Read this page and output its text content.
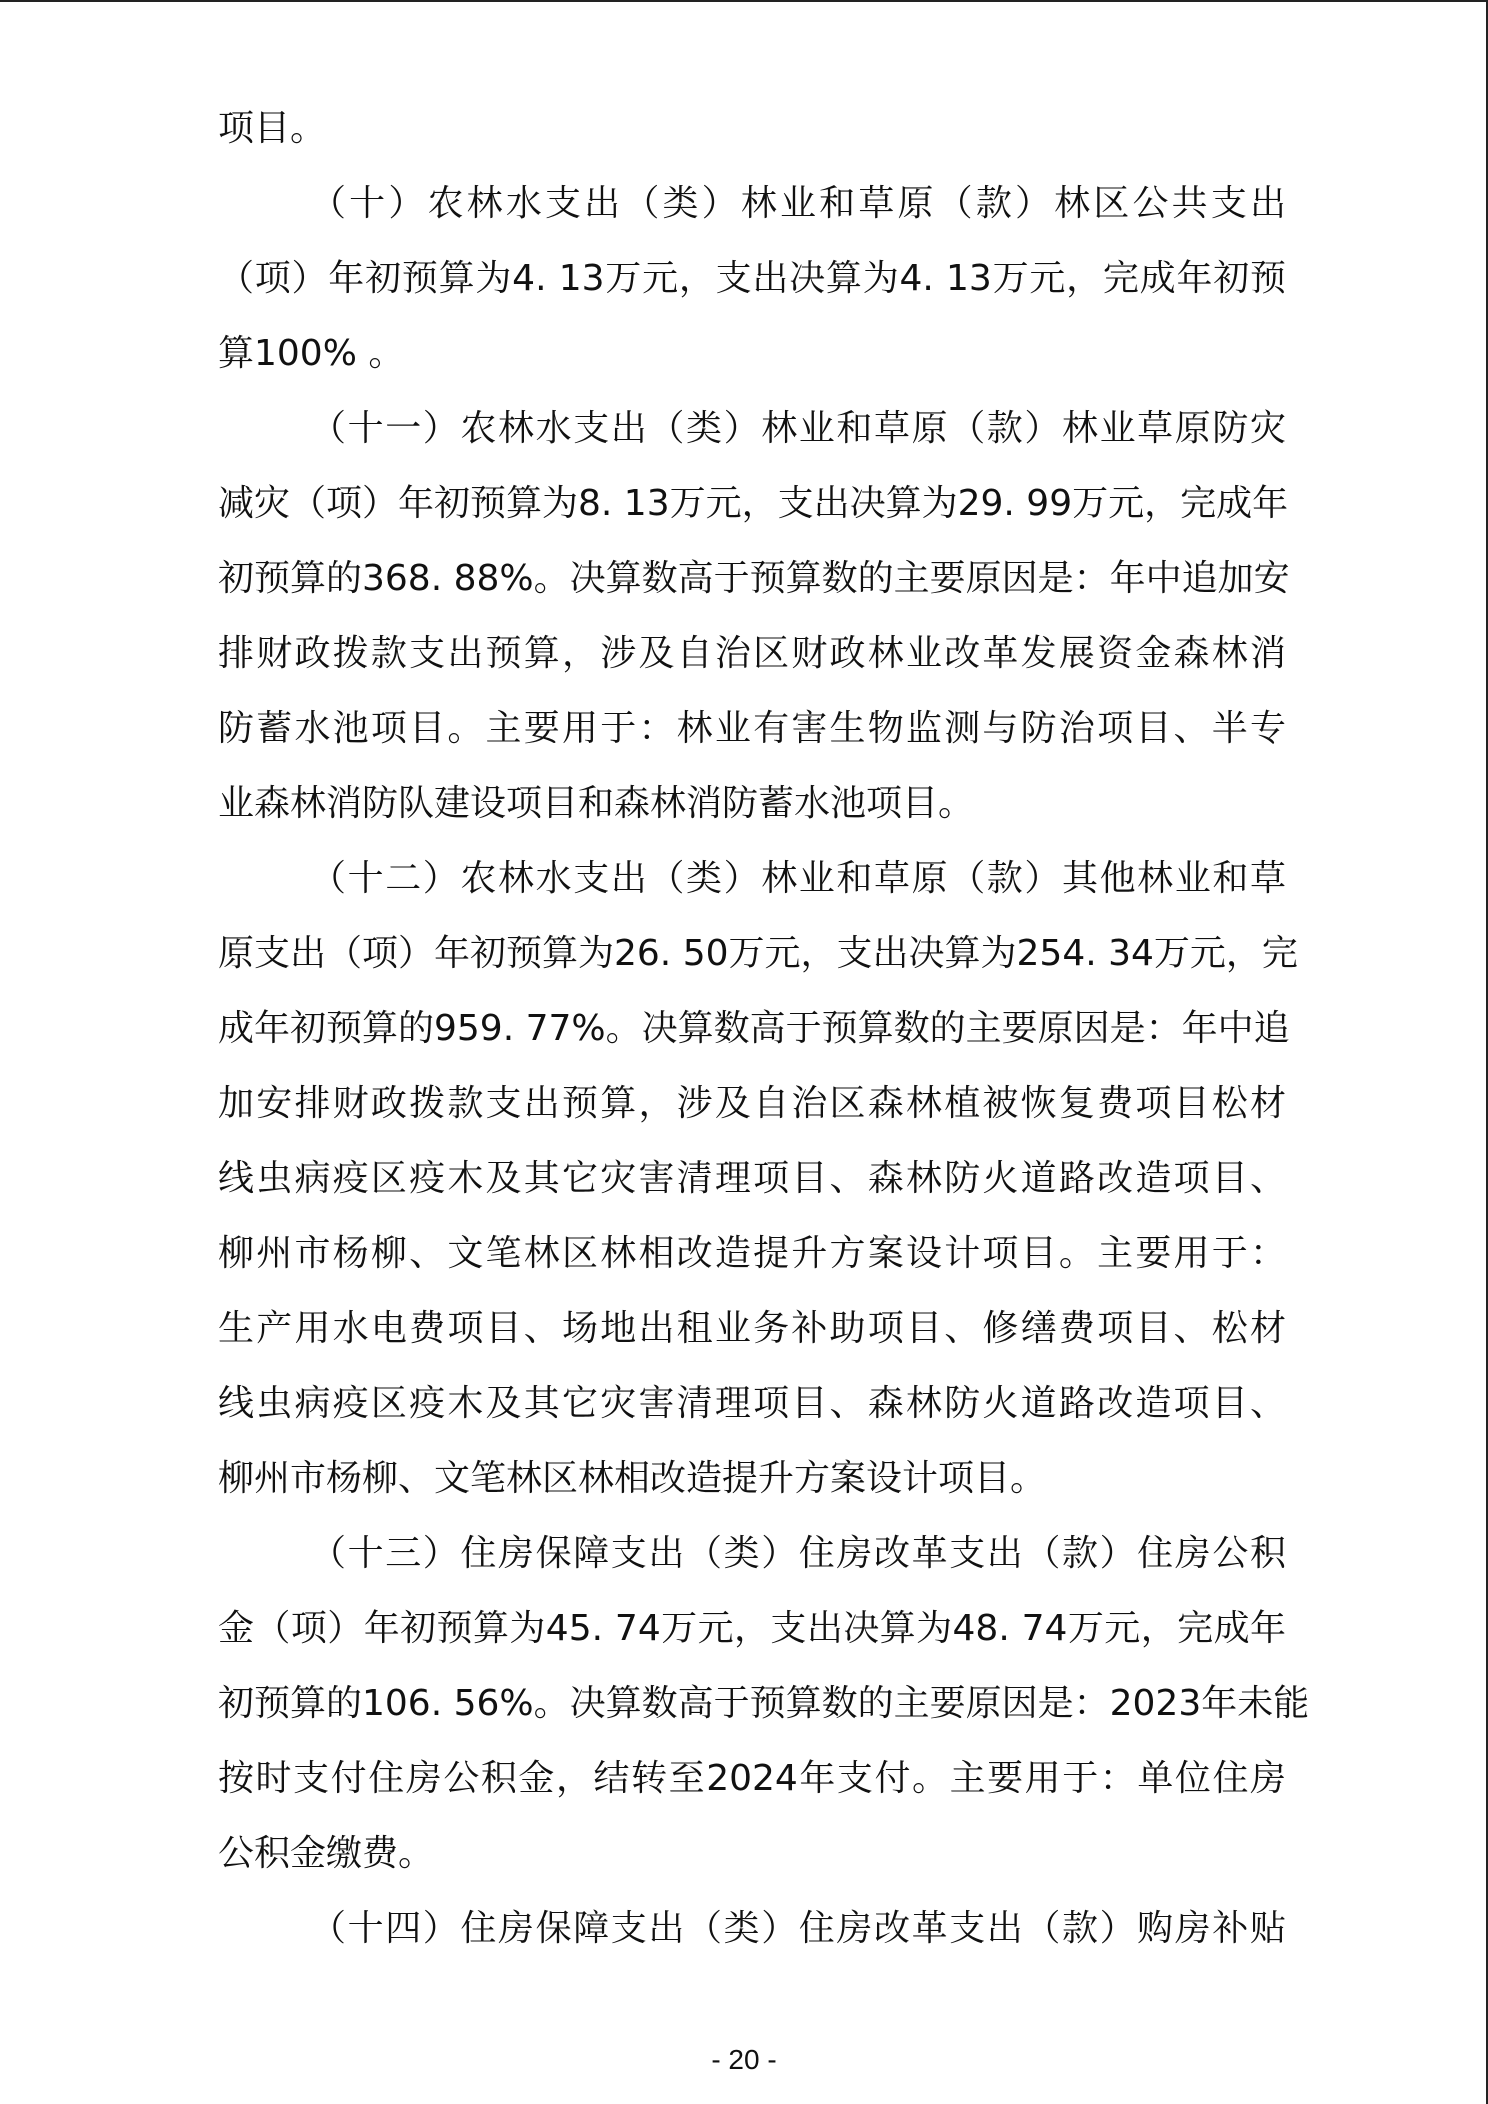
项目。
（十）农林水支出（类）林业和草原（款）林区公共支出
（项）年初预算为4. 13万元，支出决算为4. 13万元，完成年初预
算100% 。
（十一）农林水支出（类）林业和草原（款）林业草原防灾
减灾（项）年初预算为8. 13万元，支出决算为29. 99万元，完成年
初预算的368. 88%。决算数高于预算数的主要原因是：年中追加安
排财政拨款支出预算，涉及自治区财政林业改革发展资金森林消
防蓄水池项目。主要用于：林业有害生物监测与防治项目、半专
业森林消防队建设项目和森林消防蓄水池项目。
（十二）农林水支出（类）林业和草原（款）其他林业和草
原支出（项）年初预算为26. 50万元，支出决算为254. 34万元，完
成年初预算的959. 77%。决算数高于预算数的主要原因是：年中追
加安排财政拨款支出预算，涉及自治区森林植被恢复费项目松材
线虫病疫区疫木及其它灾害清理项目、森林防火道路改造项目、
柳州市杨柳、文笔林区林相改造提升方案设计项目。主要用于：
生产用水电费项目、场地出租业务补助项目、修缮费项目、松材
线虫病疫区疫木及其它灾害清理项目、森林防火道路改造项目、
柳州市杨柳、文笔林区林相改造提升方案设计项目。
（十三）住房保障支出（类）住房改革支出（款）住房公积
金（项）年初预算为45. 74万元，支出决算为48. 74万元，完成年
初预算的106. 56%。决算数高于预算数的主要原因是：2023年未能
按时支付住房公积金，结转至2024年支付。主要用于：单位住房
公积金缴费。
（十四）住房保障支出（类）住房改革支出（款）购房补贴
- 20 -
